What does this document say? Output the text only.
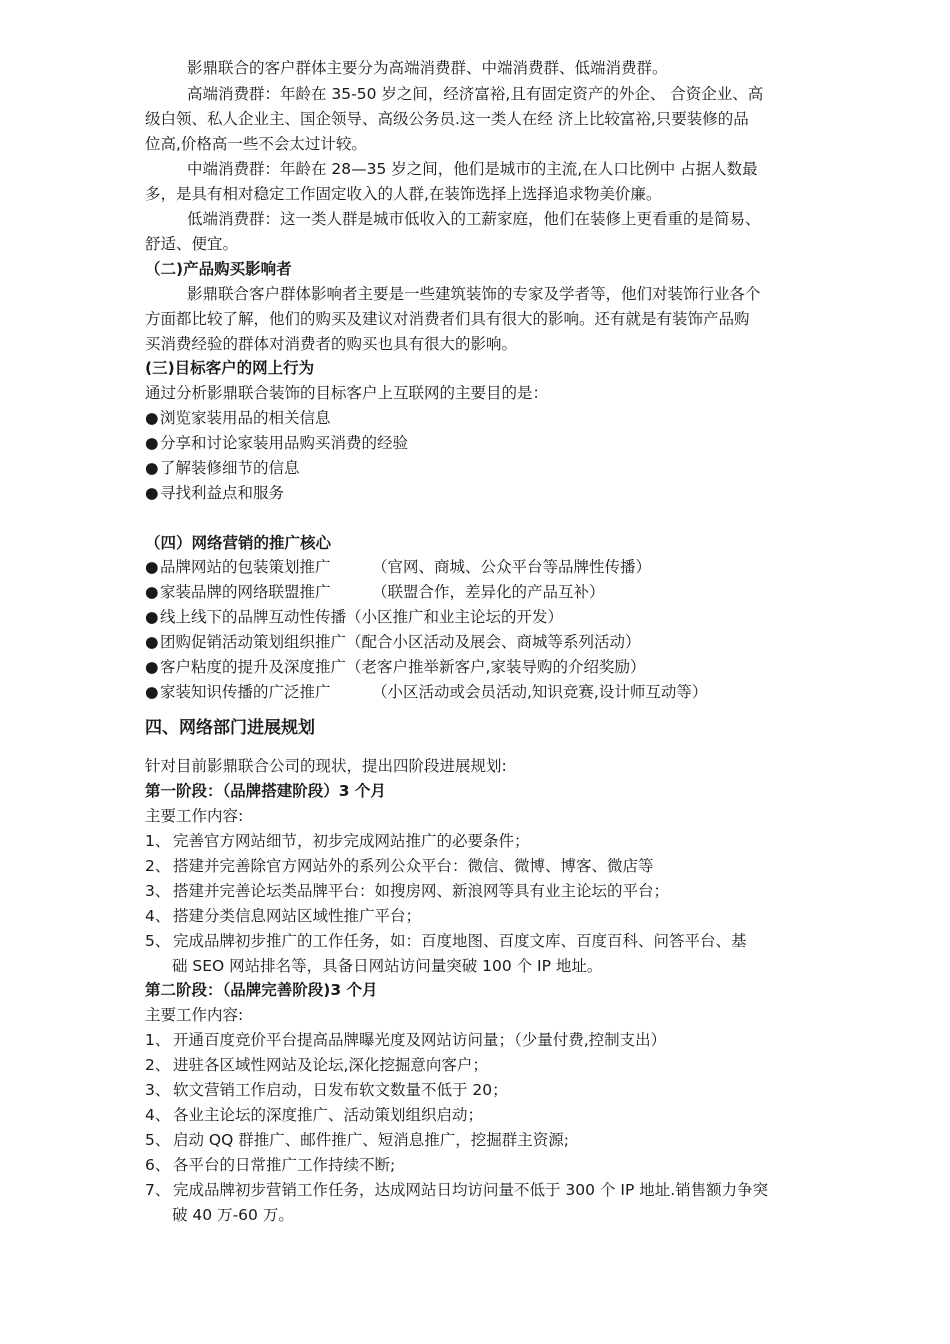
影鼎联合的客户群体主要分为高端消费群、中端消费群、低端消费群。
高端消费群：年龄在 35-50 岁之间，经济富裕,且有固定资产的外企、 合资企业、高
级白领、私人企业主、国企领导、高级公务员.这一类人在经 济上比较富裕,只要装修的品
位高,价格高一些不会太过计较。
中端消费群：年龄在 28—35 岁之间，他们是城市的主流,在人口比例中 占据人数最
多，是具有相对稳定工作固定收入的人群,在装饰选择上选择追求物美价廉。
低端消费群：这一类人群是城市低收入的工薪家庭，他们在装修上更看重的是简易、
舒适、便宜。
（二)产品购买影响者
影鼎联合客户群体影响者主要是一些建筑装饰的专家及学者等，他们对装饰行业各个
方面都比较了解，他们的购买及建议对消费者们具有很大的影响。还有就是有装饰产品购
买消费经验的群体对消费者的购买也具有很大的影响。
(三)目标客户的网上行为
通过分析影鼎联合装饰的目标客户上互联网的主要目的是：
●浏览家装用品的相关信息
●分享和讨论家装用品购买消费的经验
●了解装修细节的信息
●寻找利益点和服务
（四）网络营销的推广核心
●品牌网站的包装策划推广	（官网、商城、公众平台等品牌性传播）
●家装品牌的网络联盟推广	（联盟合作，差异化的产品互补）
●线上线下的品牌互动性传播（小区推广和业主论坛的开发）
●团购促销活动策划组织推广（配合小区活动及展会、商城等系列活动）
●客户粘度的提升及深度推广（老客户推举新客户,家装导购的介绍奖励）
●家装知识传播的广泛推广	（小区活动或会员活动,知识竞赛,设计师互动等）
四、网络部门进展规划
针对目前影鼎联合公司的现状，提出四阶段进展规划:
第一阶段：（品牌搭建阶段）3 个月
主要工作内容:
1、 完善官方网站细节，初步完成网站推广的必要条件；
2、 搭建并完善除官方网站外的系列公众平台：微信、微博、博客、微店等
3、 搭建并完善论坛类品牌平台：如搜房网、新浪网等具有业主论坛的平台；
4、 搭建分类信息网站区域性推广平台；
5、 完成品牌初步推广的工作任务，如：百度地图、百度文库、百度百科、问答平台、基
础 SEO 网站排名等，具备日网站访问量突破 100 个 IP 地址。
第二阶段：（品牌完善阶段)3 个月
主要工作内容:
1、 开通百度竞价平台提高品牌曝光度及网站访问量；（少量付费,控制支出）
2、 进驻各区域性网站及论坛,深化挖掘意向客户；
3、 软文营销工作启动，日发布软文数量不低于 20；
4、 各业主论坛的深度推广、活动策划组织启动；
5、 启动 QQ 群推广、邮件推广、短消息推广，挖掘群主资源;
6、 各平台的日常推广工作持续不断;
7、 完成品牌初步营销工作任务，达成网站日均访问量不低于 300 个 IP 地址.销售额力争突
破 40 万-60 万。
